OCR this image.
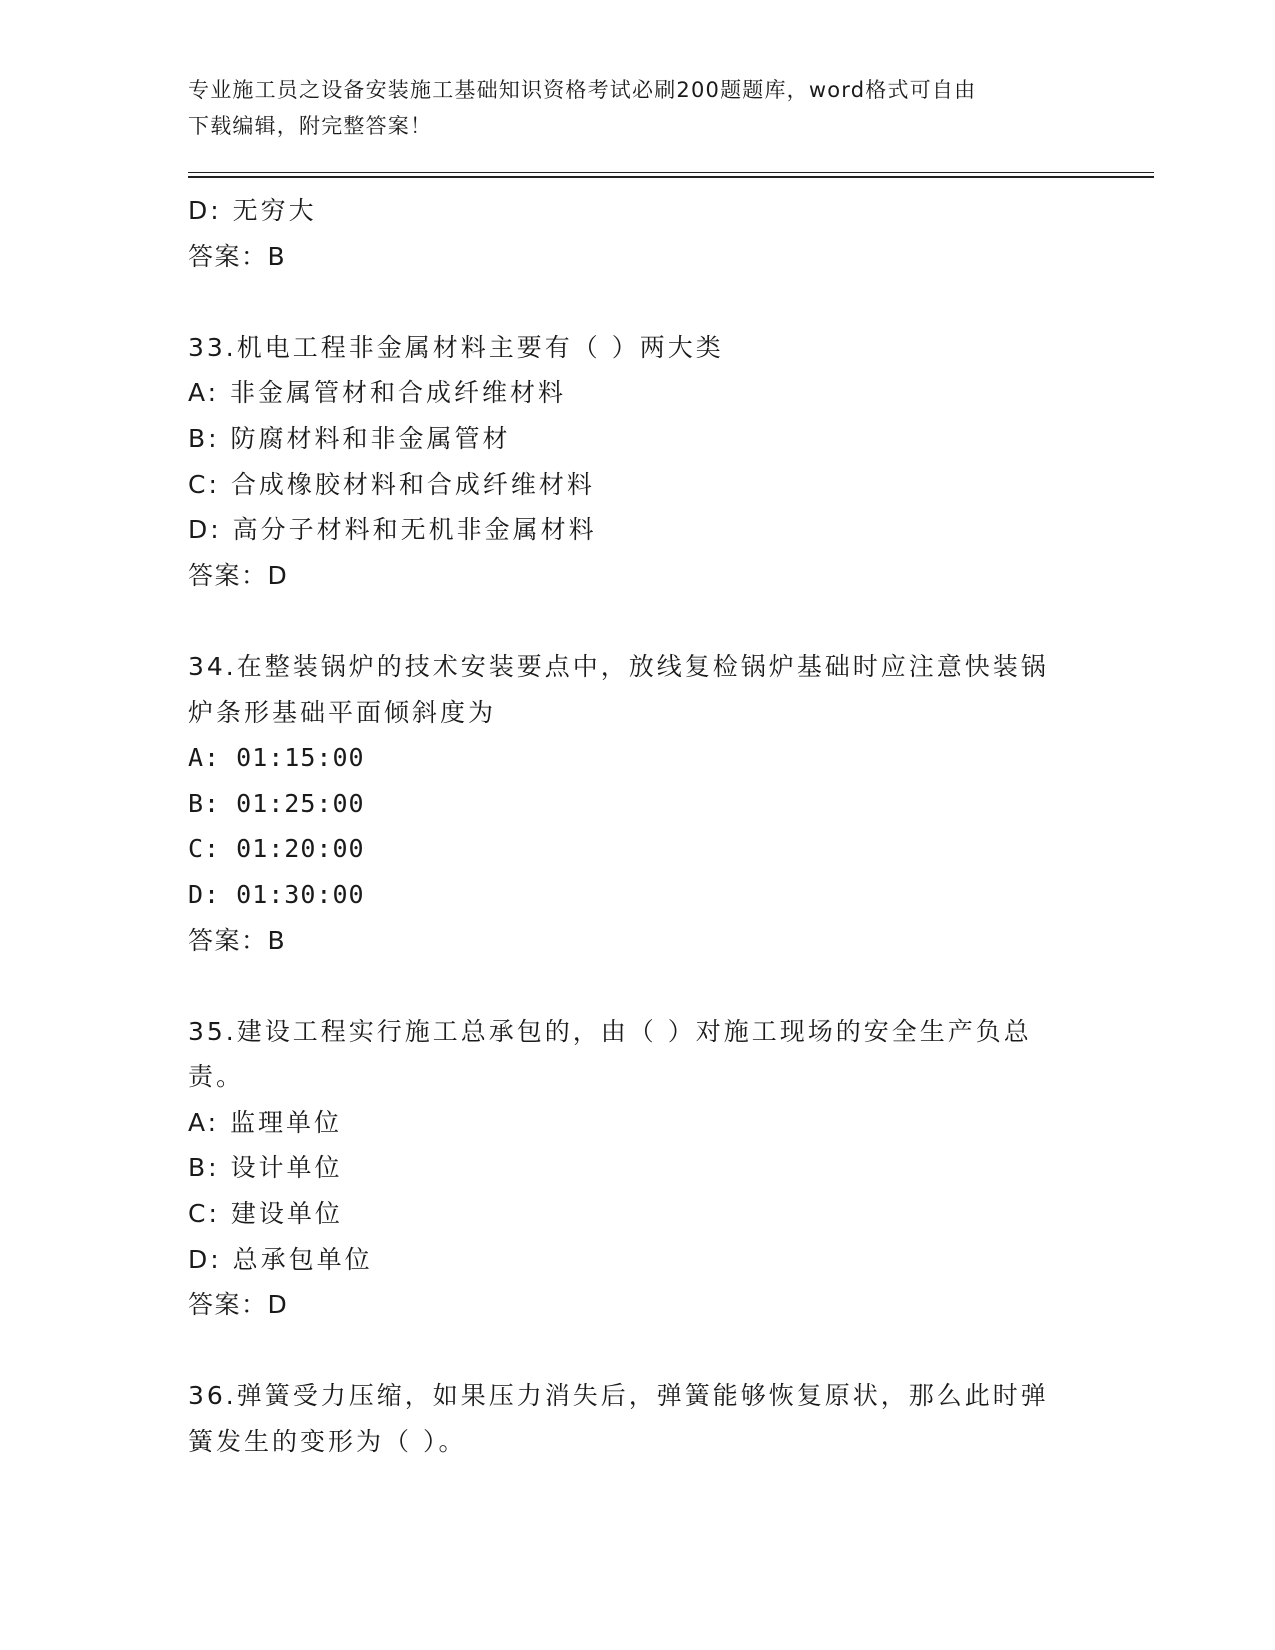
专业施工员之设备安装施工基础知识资格考试必刷200题题库，word格式可自由
下载编辑，附完整答案！
D: 无穷大
答案：B
33.机电工程非金属材料主要有（ ）两大类
A: 非金属管材和合成纤维材料
B: 防腐材料和非金属管材
C: 合成橡胶材料和合成纤维材料
D: 高分子材料和无机非金属材料
答案：D
34.在整装锅炉的技术安装要点中，放线复检锅炉基础时应注意快装锅
炉条形基础平面倾斜度为
A: 01:15:00
B: 01:25:00
C: 01:20:00
D: 01:30:00
答案：B
35.建设工程实行施工总承包的，由（ ）对施工现场的安全生产负总
责。
A: 监理单位
B: 设计单位
C: 建设单位
D: 总承包单位
答案：D
36.弹簧受力压缩，如果压力消失后，弹簧能够恢复原状，那么此时弹
簧发生的变形为（ ）。
